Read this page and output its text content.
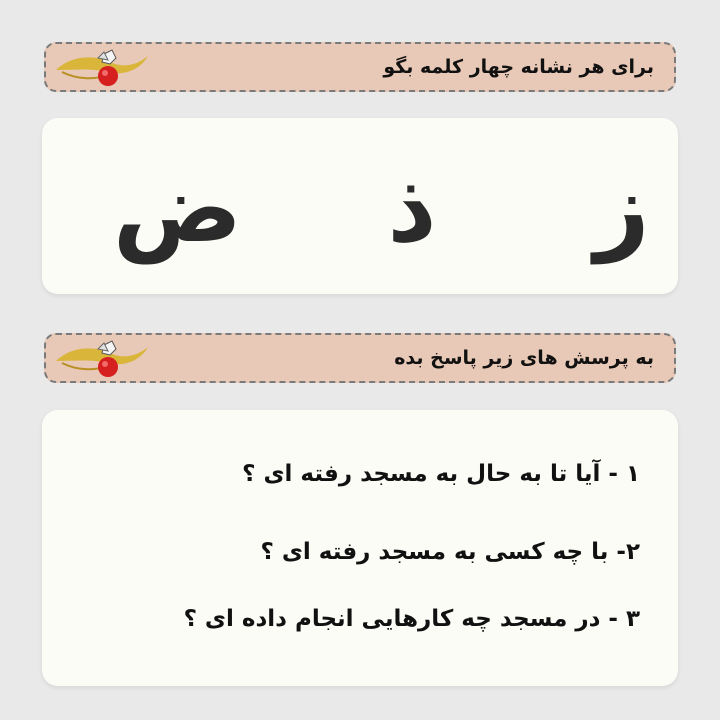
برای هر نشانه چهار کلمه بگو
ز
ذ
ض
به پرسش های زیر پاسخ بده
۱ - آیا تا به حال به مسجد رفته ای ؟
۲- با چه کسی به مسجد رفته ای ؟
۳ - در مسجد چه کارهایی انجام داده ای ؟
